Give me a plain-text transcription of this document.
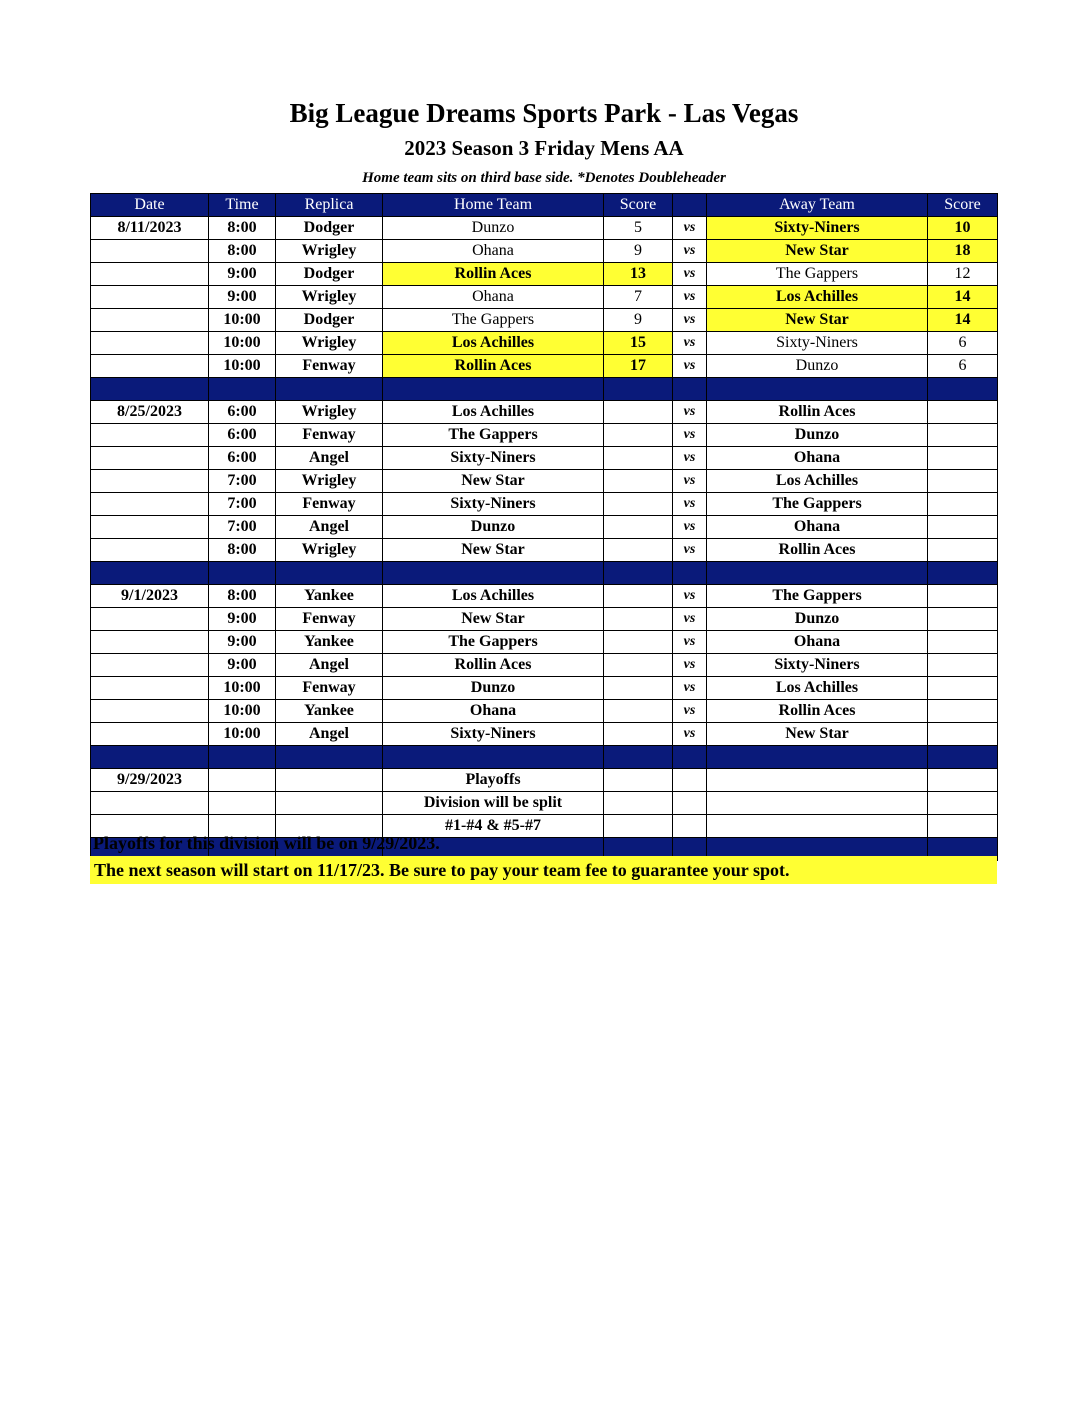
Big League Dreams Sports Park - Las Vegas
2023 Season 3 Friday Mens AA
Home team sits on third base side. *Denotes Doubleheader
Date	Time	Replica	Home Team	Score		Away Team	Score
8/11/2023	8:00	Dodger	Dunzo	5	vs	Sixty-Niners	10
	8:00	Wrigley	Ohana	9	vs	New Star	18
	9:00	Dodger	Rollin Aces	13	vs	The Gappers	12
	9:00	Wrigley	Ohana	7	vs	Los Achilles	14
	10:00	Dodger	The Gappers	9	vs	New Star	14
	10:00	Wrigley	Los Achilles	15	vs	Sixty-Niners	6
	10:00	Fenway	Rollin Aces	17	vs	Dunzo	6

8/25/2023	6:00	Wrigley	Los Achilles		vs	Rollin Aces	
	6:00	Fenway	The Gappers		vs	Dunzo	
	6:00	Angel	Sixty-Niners		vs	Ohana	
	7:00	Wrigley	New Star		vs	Los Achilles	
	7:00	Fenway	Sixty-Niners		vs	The Gappers	
	7:00	Angel	Dunzo		vs	Ohana	
	8:00	Wrigley	New Star		vs	Rollin Aces	

9/1/2023	8:00	Yankee	Los Achilles		vs	The Gappers	
	9:00	Fenway	New Star		vs	Dunzo	
	9:00	Yankee	The Gappers		vs	Ohana	
	9:00	Angel	Rollin Aces		vs	Sixty-Niners	
	10:00	Fenway	Dunzo		vs	Los Achilles	
	10:00	Yankee	Ohana		vs	Rollin Aces	
	10:00	Angel	Sixty-Niners		vs	New Star	

9/29/2023			Playoffs				
			Division will be split				
			#1-#4 & #5-#7				

Playoffs for this division will be on 9/29/2023.
The next season will start on 11/17/23. Be sure to pay your team fee to guarantee your spot.
